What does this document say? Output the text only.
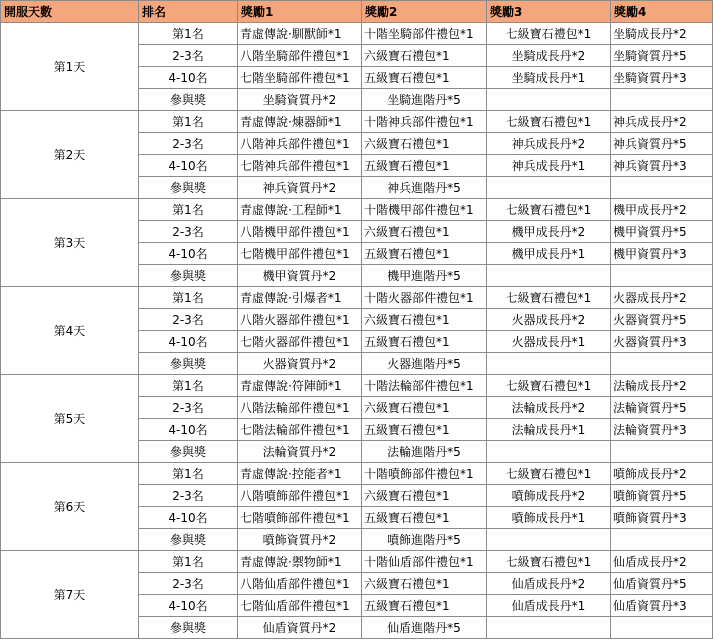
開服天數	排名	獎勵1	獎勵2	獎勵3	獎勵4
第1天	第1名	青虛傳說·馴獸師*1	十階坐騎部件禮包*1	七級寶石禮包*1	坐騎成長丹*2
	2-3名	八階坐騎部件禮包*1	六級寶石禮包*1	坐騎成長丹*2	坐騎資質丹*5
	4-10名	七階坐騎部件禮包*1	五級寶石禮包*1	坐騎成長丹*1	坐騎資質丹*3
	參與獎	坐騎資質丹*2	坐騎進階丹*5		
第2天	第1名	青虛傳說·煉器師*1	十階神兵部件禮包*1	七級寶石禮包*1	神兵成長丹*2
	2-3名	八階神兵部件禮包*1	六級寶石禮包*1	神兵成長丹*2	神兵資質丹*5
	4-10名	七階神兵部件禮包*1	五級寶石禮包*1	神兵成長丹*1	神兵資質丹*3
	參與獎	神兵資質丹*2	神兵進階丹*5		
第3天	第1名	青虛傳說·工程師*1	十階機甲部件禮包*1	七級寶石禮包*1	機甲成長丹*2
	2-3名	八階機甲部件禮包*1	六級寶石禮包*1	機甲成長丹*2	機甲資質丹*5
	4-10名	七階機甲部件禮包*1	五級寶石禮包*1	機甲成長丹*1	機甲資質丹*3
	參與獎	機甲資質丹*2	機甲進階丹*5		
第4天	第1名	青虛傳說·引爆者*1	十階火器部件禮包*1	七級寶石禮包*1	火器成長丹*2
	2-3名	八階火器部件禮包*1	六級寶石禮包*1	火器成長丹*2	火器資質丹*5
	4-10名	七階火器部件禮包*1	五級寶石禮包*1	火器成長丹*1	火器資質丹*3
	參與獎	火器資質丹*2	火器進階丹*5		
第5天	第1名	青虛傳說·符陣師*1	十階法輪部件禮包*1	七級寶石禮包*1	法輪成長丹*2
	2-3名	八階法輪部件禮包*1	六級寶石禮包*1	法輪成長丹*2	法輪資質丹*5
	4-10名	七階法輪部件禮包*1	五級寶石禮包*1	法輪成長丹*1	法輪資質丹*3
	參與獎	法輪資質丹*2	法輪進階丹*5		
第6天	第1名	青虛傳說·控能者*1	十階噴飾部件禮包*1	七級寶石禮包*1	噴飾成長丹*2
	2-3名	八階噴飾部件禮包*1	六級寶石禮包*1	噴飾成長丹*2	噴飾資質丹*5
	4-10名	七階噴飾部件禮包*1	五級寶石禮包*1	噴飾成長丹*1	噴飾資質丹*3
	參與獎	噴飾資質丹*2	噴飾進階丹*5		
第7天	第1名	青虛傳說·禦物師*1	十階仙盾部件禮包*1	七級寶石禮包*1	仙盾成長丹*2
	2-3名	八階仙盾部件禮包*1	六級寶石禮包*1	仙盾成長丹*2	仙盾資質丹*5
	4-10名	七階仙盾部件禮包*1	五級寶石禮包*1	仙盾成長丹*1	仙盾資質丹*3
	參與獎	仙盾資質丹*2	仙盾進階丹*5		
